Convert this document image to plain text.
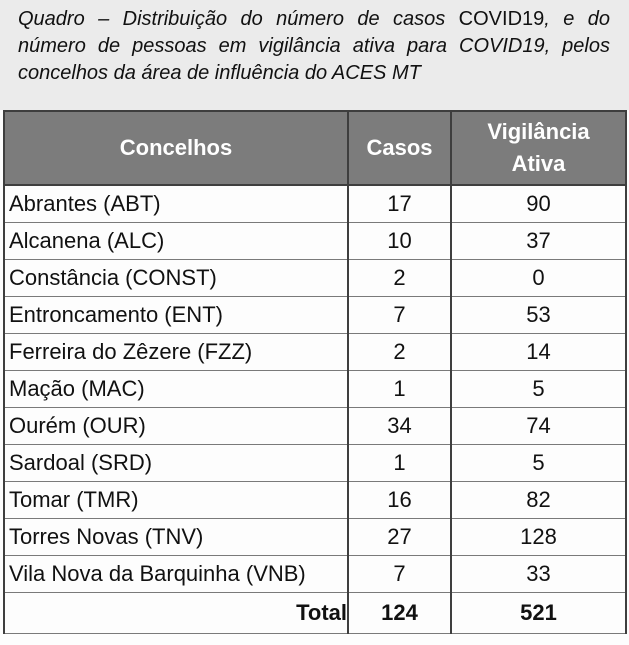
Quadro – Distribuição do número de casos COVID19, e do número de pessoas em vigilância ativa para COVID19, pelos concelhos da área de influência do ACES MT
Concelhos	Casos	Vigilância
Ativa
Abrantes (ABT)	17	90
Alcanena (ALC)	10	37
Constância (CONST)	2	0
Entroncamento (ENT)	7	53
Ferreira do Zêzere (FZZ)	2	14
Mação (MAC)	1	5
Ourém (OUR)	34	74
Sardoal (SRD)	1	5
Tomar (TMR)	16	82
Torres Novas (TNV)	27	128
Vila Nova da Barquinha (VNB)	7	33
Total	124	521
